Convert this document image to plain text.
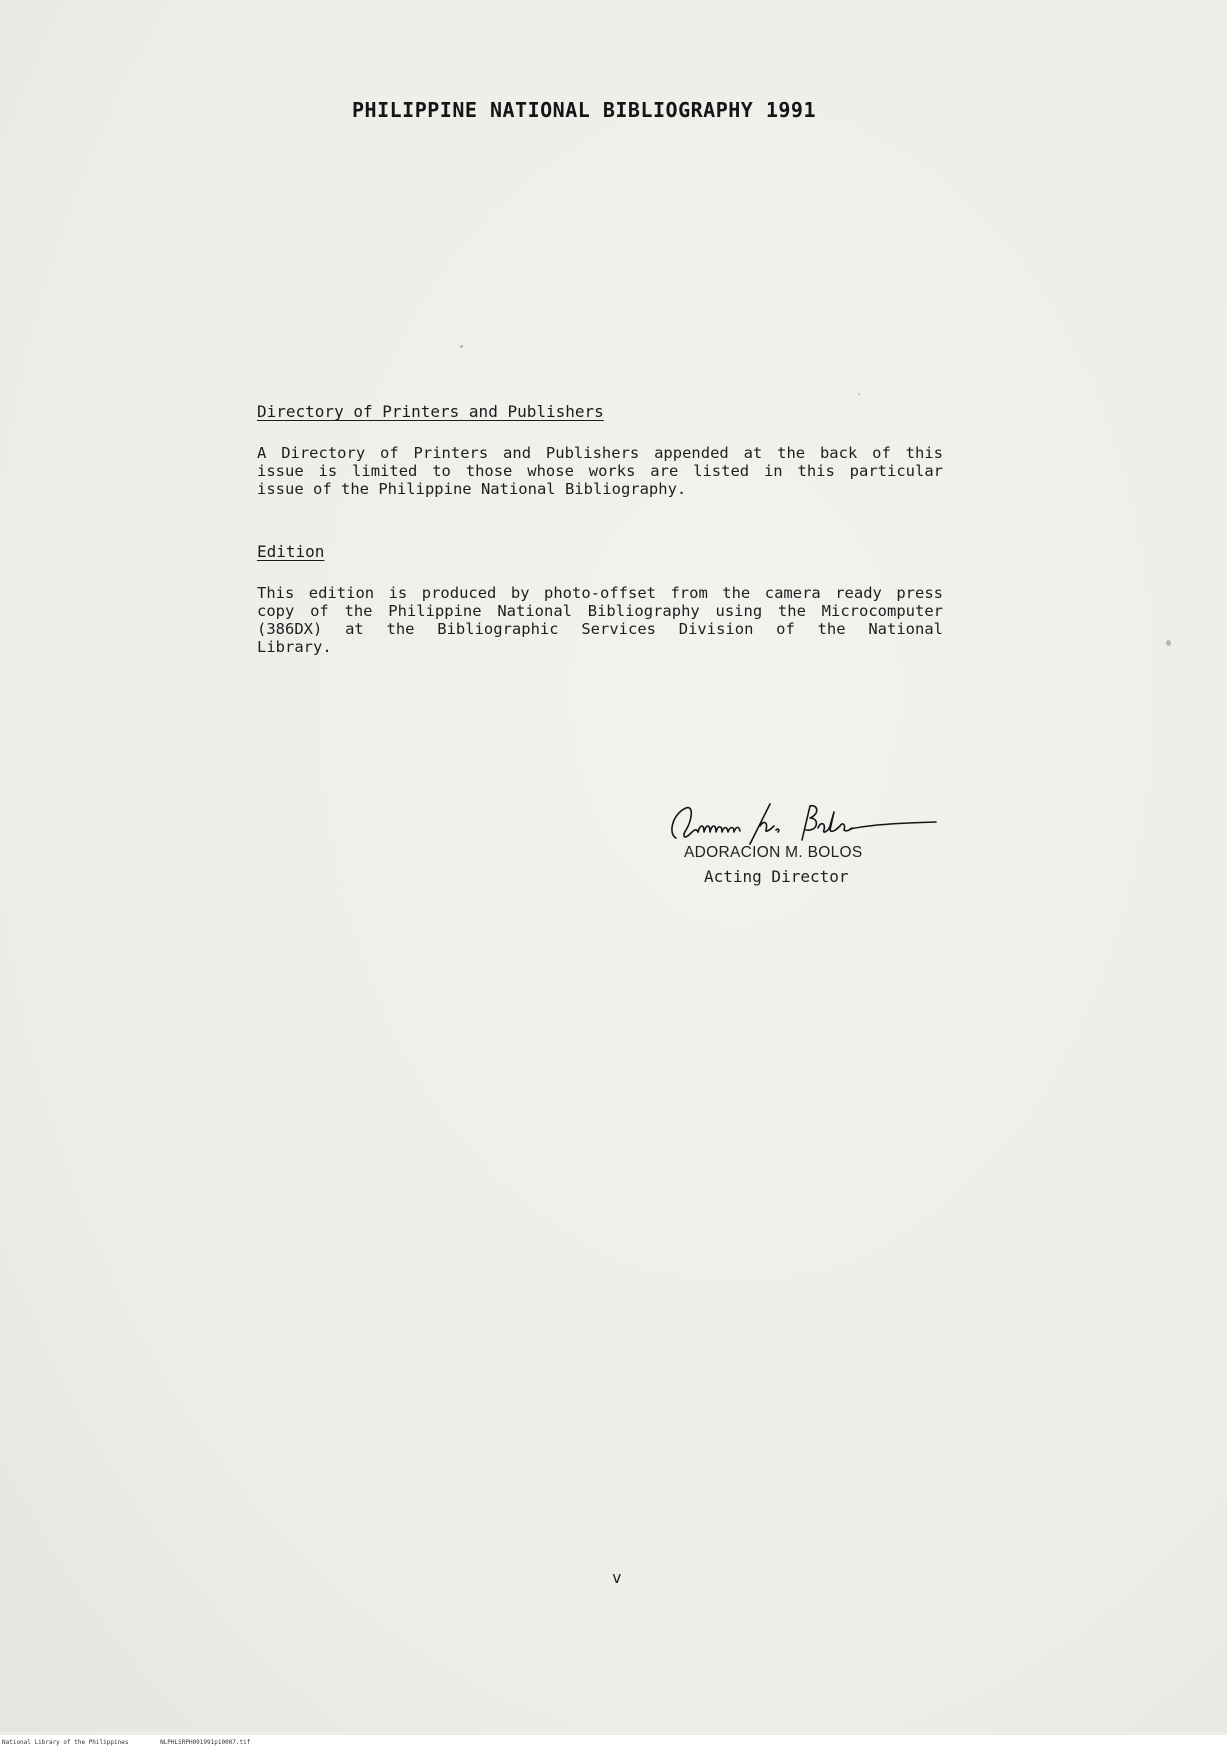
PHILIPPINE NATIONAL BIBLIOGRAPHY 1991
Directory of Printers and Publishers
A Directory of Printers and Publishers appended at the back of this
issue is limited to those whose works are listed in this particular
issue of the Philippine National Bibliography.
Edition
This edition is produced by photo-offset from the camera ready press
copy of the Philippine National Bibliography using the Microcomputer
(386DX) at the Bibliographic Services Division of the National
Library.
ADORACION M. BOLOS
Acting Director
v
National Library of the Philippines	NLPHLSRPH091991p10007.tif
